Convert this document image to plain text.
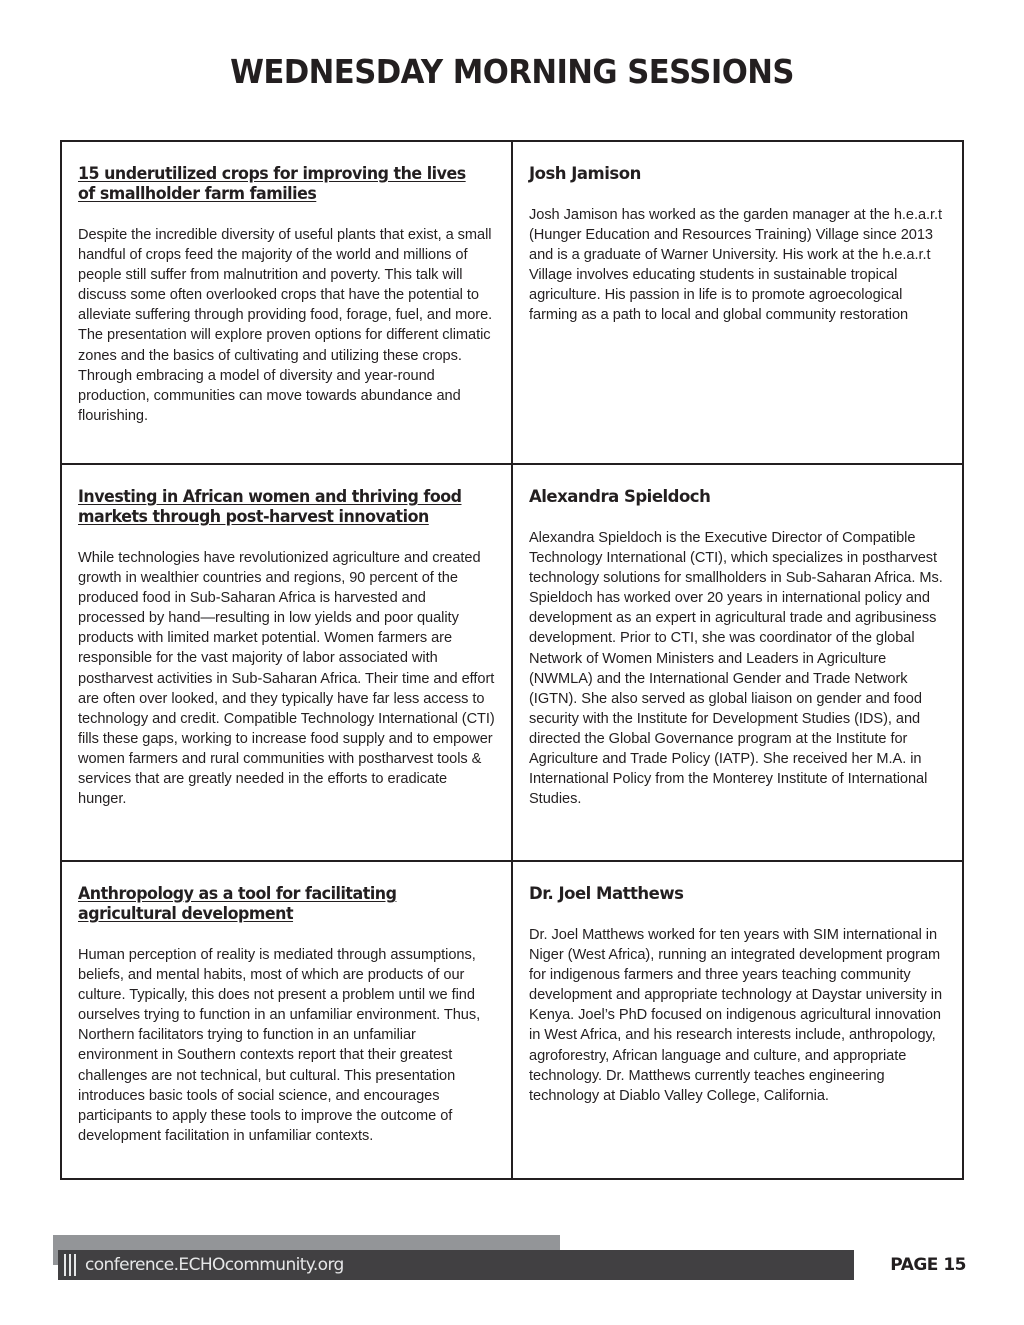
WEDNESDAY MORNING SESSIONS
15 underutilized crops for improving the lives
of smallholder farm families

Despite the incredible diversity of useful plants that exist, a small handful of crops feed the majority of the world and millions of people still suffer from malnutrition and poverty. This talk will discuss some often overlooked crops that have the potential to alleviate suffering through providing food, forage, fuel, and more. The presentation will explore proven options for different climatic zones and the basics of cultivating and utilizing these crops. Through embracing a model of diversity and year-round production, communities can move towards abundance and flourishing.

Josh Jamison

Josh Jamison has worked as the garden manager at the h.e.a.r.t (Hunger Education and Resources Training) Village since 2013 and is a graduate of Warner University. His work at the h.e.a.r.t Village involves educating students in sustainable tropical agriculture. His passion in life is to promote agroecological farming as a path to local and global community restoration

Investing in African women and thriving food
markets through post-harvest innovation

While technologies have revolutionized agriculture and created growth in wealthier countries and regions, 90 percent of the produced food in Sub-Saharan Africa is harvested and processed by hand—resulting in low yields and poor quality products with limited market potential. Women farmers are responsible for the vast majority of labor associated with postharvest activities in Sub-Saharan Africa. Their time and effort are often over looked, and they typically have far less access to technology and credit. Compatible Technology International (CTI) fills these gaps, working to increase food supply and to empower women farmers and rural communities with postharvest tools & services that are greatly needed in the efforts to eradicate hunger.

Alexandra Spieldoch

Alexandra Spieldoch is the Executive Director of Compatible Technology International (CTI), which specializes in postharvest technology solutions for smallholders in Sub-Saharan Africa. Ms. Spieldoch has worked over 20 years in international policy and development as an expert in agricultural trade and agribusiness development. Prior to CTI, she was coordinator of the global Network of Women Ministers and Leaders in Agriculture (NWMLA) and the International Gender and Trade Network (IGTN). She also served as global liaison on gender and food security with the Institute for Development Studies (IDS), and directed the Global Governance program at the Institute for Agriculture and Trade Policy (IATP). She received her M.A. in International Policy from the Monterey Institute of International Studies.

Anthropology as a tool for facilitating
agricultural development

Human perception of reality is mediated through assumptions, beliefs, and mental habits, most of which are products of our culture. Typically, this does not present a problem until we find ourselves trying to function in an unfamiliar environment. Thus, Northern facilitators trying to function in an unfamiliar environment in Southern contexts report that their greatest challenges are not technical, but cultural. This presentation introduces basic tools of social science, and encourages participants to apply these tools to improve the outcome of development facilitation in unfamiliar contexts.

Dr. Joel Matthews

Dr. Joel Matthews worked for ten years with SIM international in Niger (West Africa), running an integrated development program for indigenous farmers and three years teaching community development and appropriate technology at Daystar university in Kenya. Joel’s PhD focused on indigenous agricultural innovation in West Africa, and his research interests include, anthropology, agroforestry, African language and culture, and appropriate technology. Dr. Matthews currently teaches engineering technology at Diablo Valley College, California.

conference.ECHOcommunity.org	PAGE 15
